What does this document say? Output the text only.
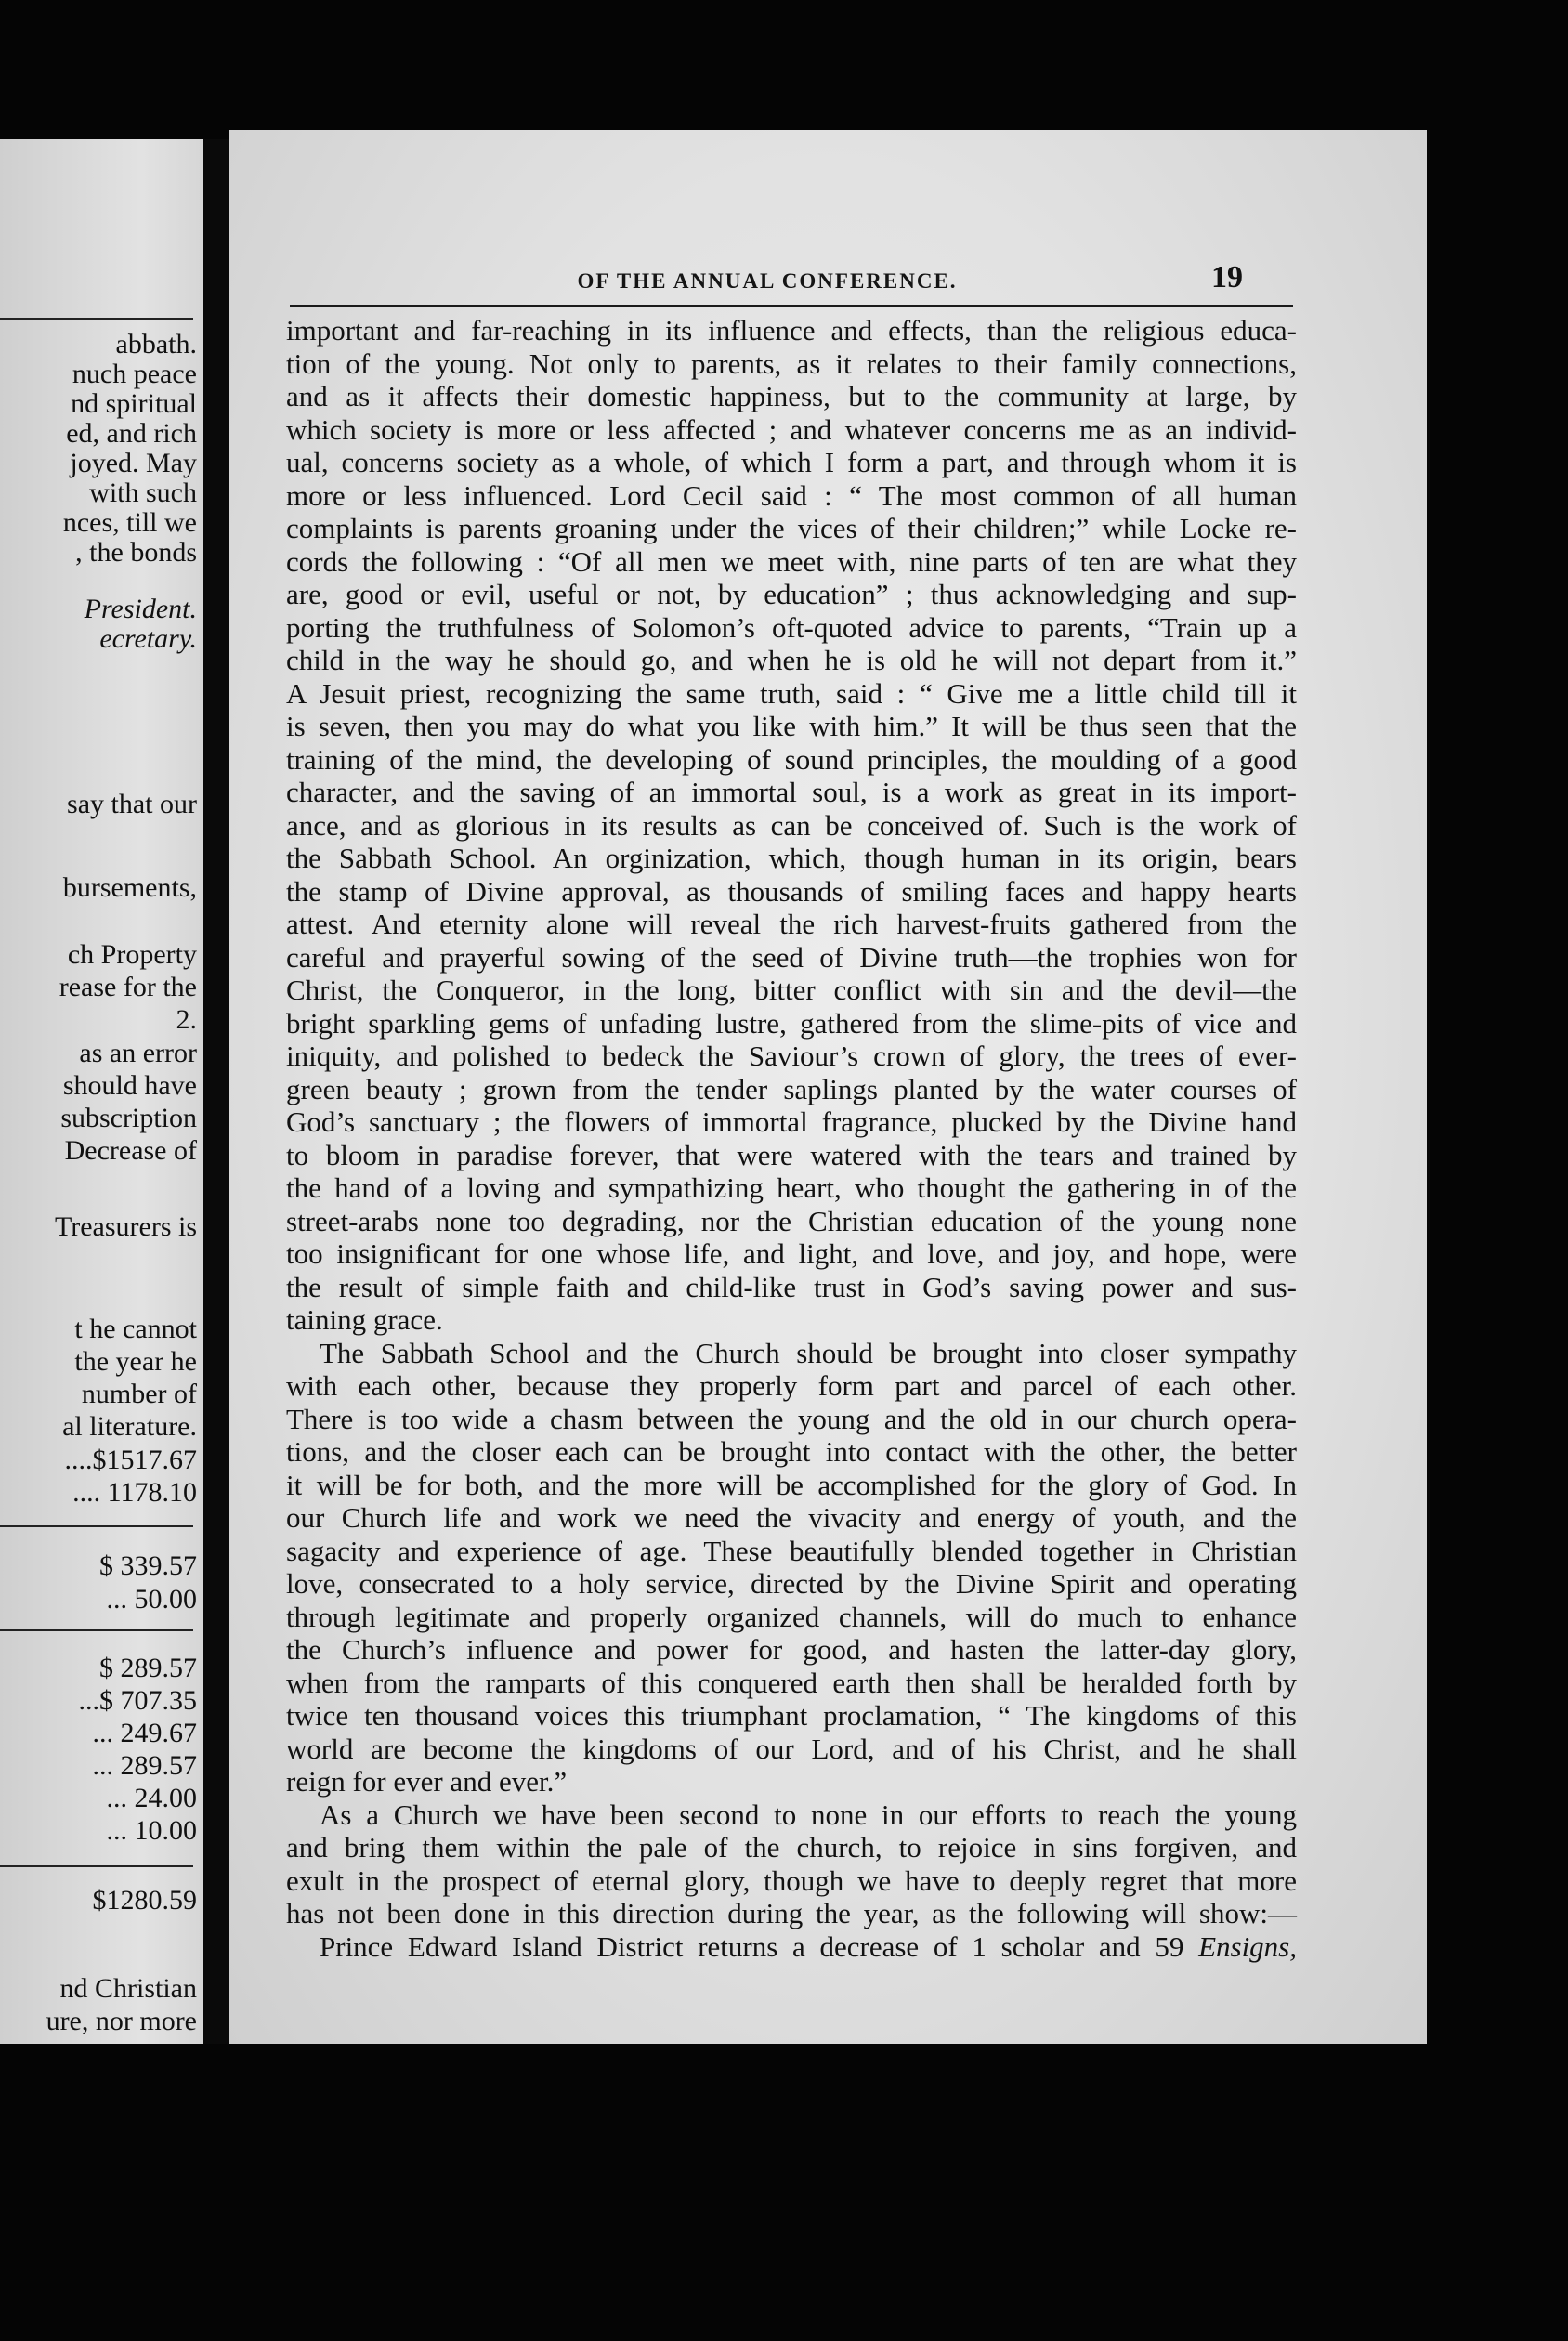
abbath.
nuch peace
nd spiritual
ed, and rich
joyed. May
with such
nces, till we
, the bonds
President.
ecretary.
say that our
bursements,
ch Property
rease for the
2.
as an error
should have
subscription
Decrease of
Treasurers is
t he cannot
the year he
number of
al literature.
....$1517.67
.... 1178.10
$ 339.57
... 50.00
$ 289.57
...$ 707.35
... 249.67
... 289.57
... 24.00
... 10.00
$1280.59
nd Christian
ure, nor more
OF THE ANNUAL CONFERENCE.	19
important and far-reaching in its influence and effects, than the religious educa-
tion of the young. Not only to parents, as it relates to their family connections,
and as it affects their domestic happiness, but to the community at large, by
which society is more or less affected ; and whatever concerns me as an individ-
ual, concerns society as a whole, of which I form a part, and through whom it is
more or less influenced. Lord Cecil said : “ The most common of all human
complaints is parents groaning under the vices of their children;” while Locke re-
cords the following : “Of all men we meet with, nine parts of ten are what they
are, good or evil, useful or not, by education” ; thus acknowledging and sup-
porting the truthfulness of Solomon’s oft-quoted advice to parents, “Train up a
child in the way he should go, and when he is old he will not depart from it.”
A Jesuit priest, recognizing the same truth, said : “ Give me a little child till it
is seven, then you may do what you like with him.” It will be thus seen that the
training of the mind, the developing of sound principles, the moulding of a good
character, and the saving of an immortal soul, is a work as great in its import-
ance, and as glorious in its results as can be conceived of. Such is the work of
the Sabbath School. An orginization, which, though human in its origin, bears
the stamp of Divine approval, as thousands of smiling faces and happy hearts
attest. And eternity alone will reveal the rich harvest-fruits gathered from the
careful and prayerful sowing of the seed of Divine truth—the trophies won for
Christ, the Conqueror, in the long, bitter conflict with sin and the devil—the
bright sparkling gems of unfading lustre, gathered from the slime-pits of vice and
iniquity, and polished to bedeck the Saviour’s crown of glory, the trees of ever-
green beauty ; grown from the tender saplings planted by the water courses of
God’s sanctuary ; the flowers of immortal fragrance, plucked by the Divine hand
to bloom in paradise forever, that were watered with the tears and trained by
the hand of a loving and sympathizing heart, who thought the gathering in of the
street-arabs none too degrading, nor the Christian education of the young none
too insignificant for one whose life, and light, and love, and joy, and hope, were
the result of simple faith and child-like trust in God’s saving power and sus-
taining grace.
The Sabbath School and the Church should be brought into closer sympathy
with each other, because they properly form part and parcel of each other.
There is too wide a chasm between the young and the old in our church opera-
tions, and the closer each can be brought into contact with the other, the better
it will be for both, and the more will be accomplished for the glory of God. In
our Church life and work we need the vivacity and energy of youth, and the
sagacity and experience of age. These beautifully blended together in Christian
love, consecrated to a holy service, directed by the Divine Spirit and operating
through legitimate and properly organized channels, will do much to enhance
the Church’s influence and power for good, and hasten the latter-day glory,
when from the ramparts of this conquered earth then shall be heralded forth by
twice ten thousand voices this triumphant proclamation, “ The kingdoms of this
world are become the kingdoms of our Lord, and of his Christ, and he shall
reign for ever and ever.”
As a Church we have been second to none in our efforts to reach the young
and bring them within the pale of the church, to rejoice in sins forgiven, and
exult in the prospect of eternal glory, though we have to deeply regret that more
has not been done in this direction during the year, as the following will show:—
Prince Edward Island District returns a decrease of 1 scholar and 59 Ensigns,
